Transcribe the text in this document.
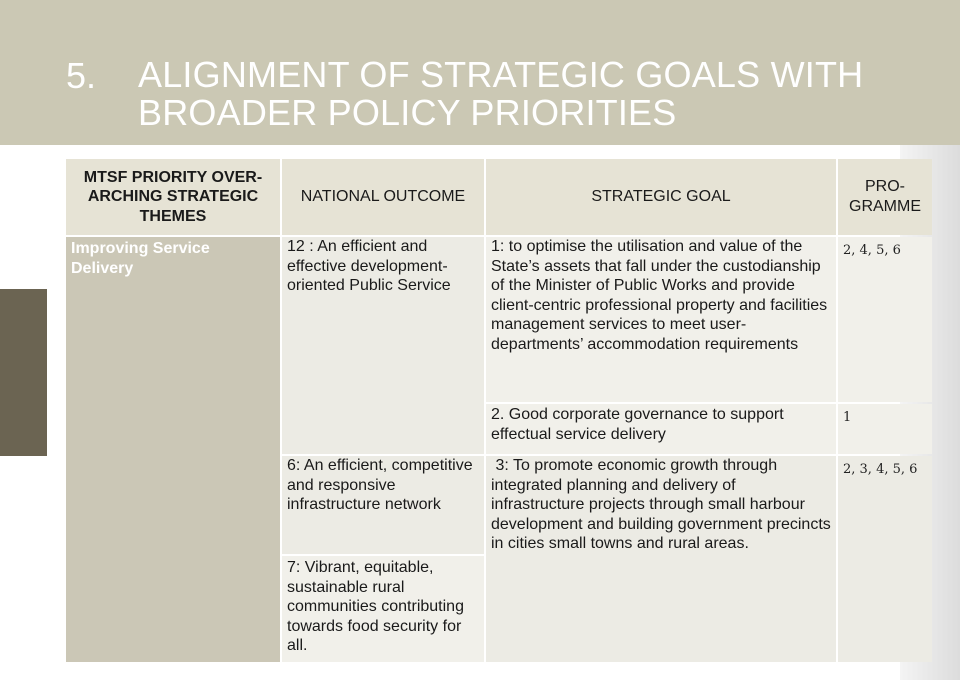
5. ALIGNMENT OF STRATEGIC GOALS WITH
BROADER POLICY PRIORITIES
MTSF PRIORITY OVER-ARCHING STRATEGIC THEMES
NATIONAL OUTCOME	STRATEGIC GOAL
PRO-GRAMME
Improving Service Delivery
12 : An efficient and effective development-oriented Public Service
6: An efficient, competitive and responsive infrastructure network
7: Vibrant, equitable, sustainable rural communities contributing towards food security for all.
1: to optimise the utilisation and value of the State’s assets that fall under the custodianship of the Minister of Public Works and provide client-centric professional property and facilities management services to meet user-departments’ accommodation requirements
2. Good corporate governance to support effectual service delivery
3: To promote economic growth through integrated planning and delivery of infrastructure projects through small harbour development and building government precincts in cities small towns and rural areas.
2, 4, 5, 6
1
2, 3, 4, 5, 6
